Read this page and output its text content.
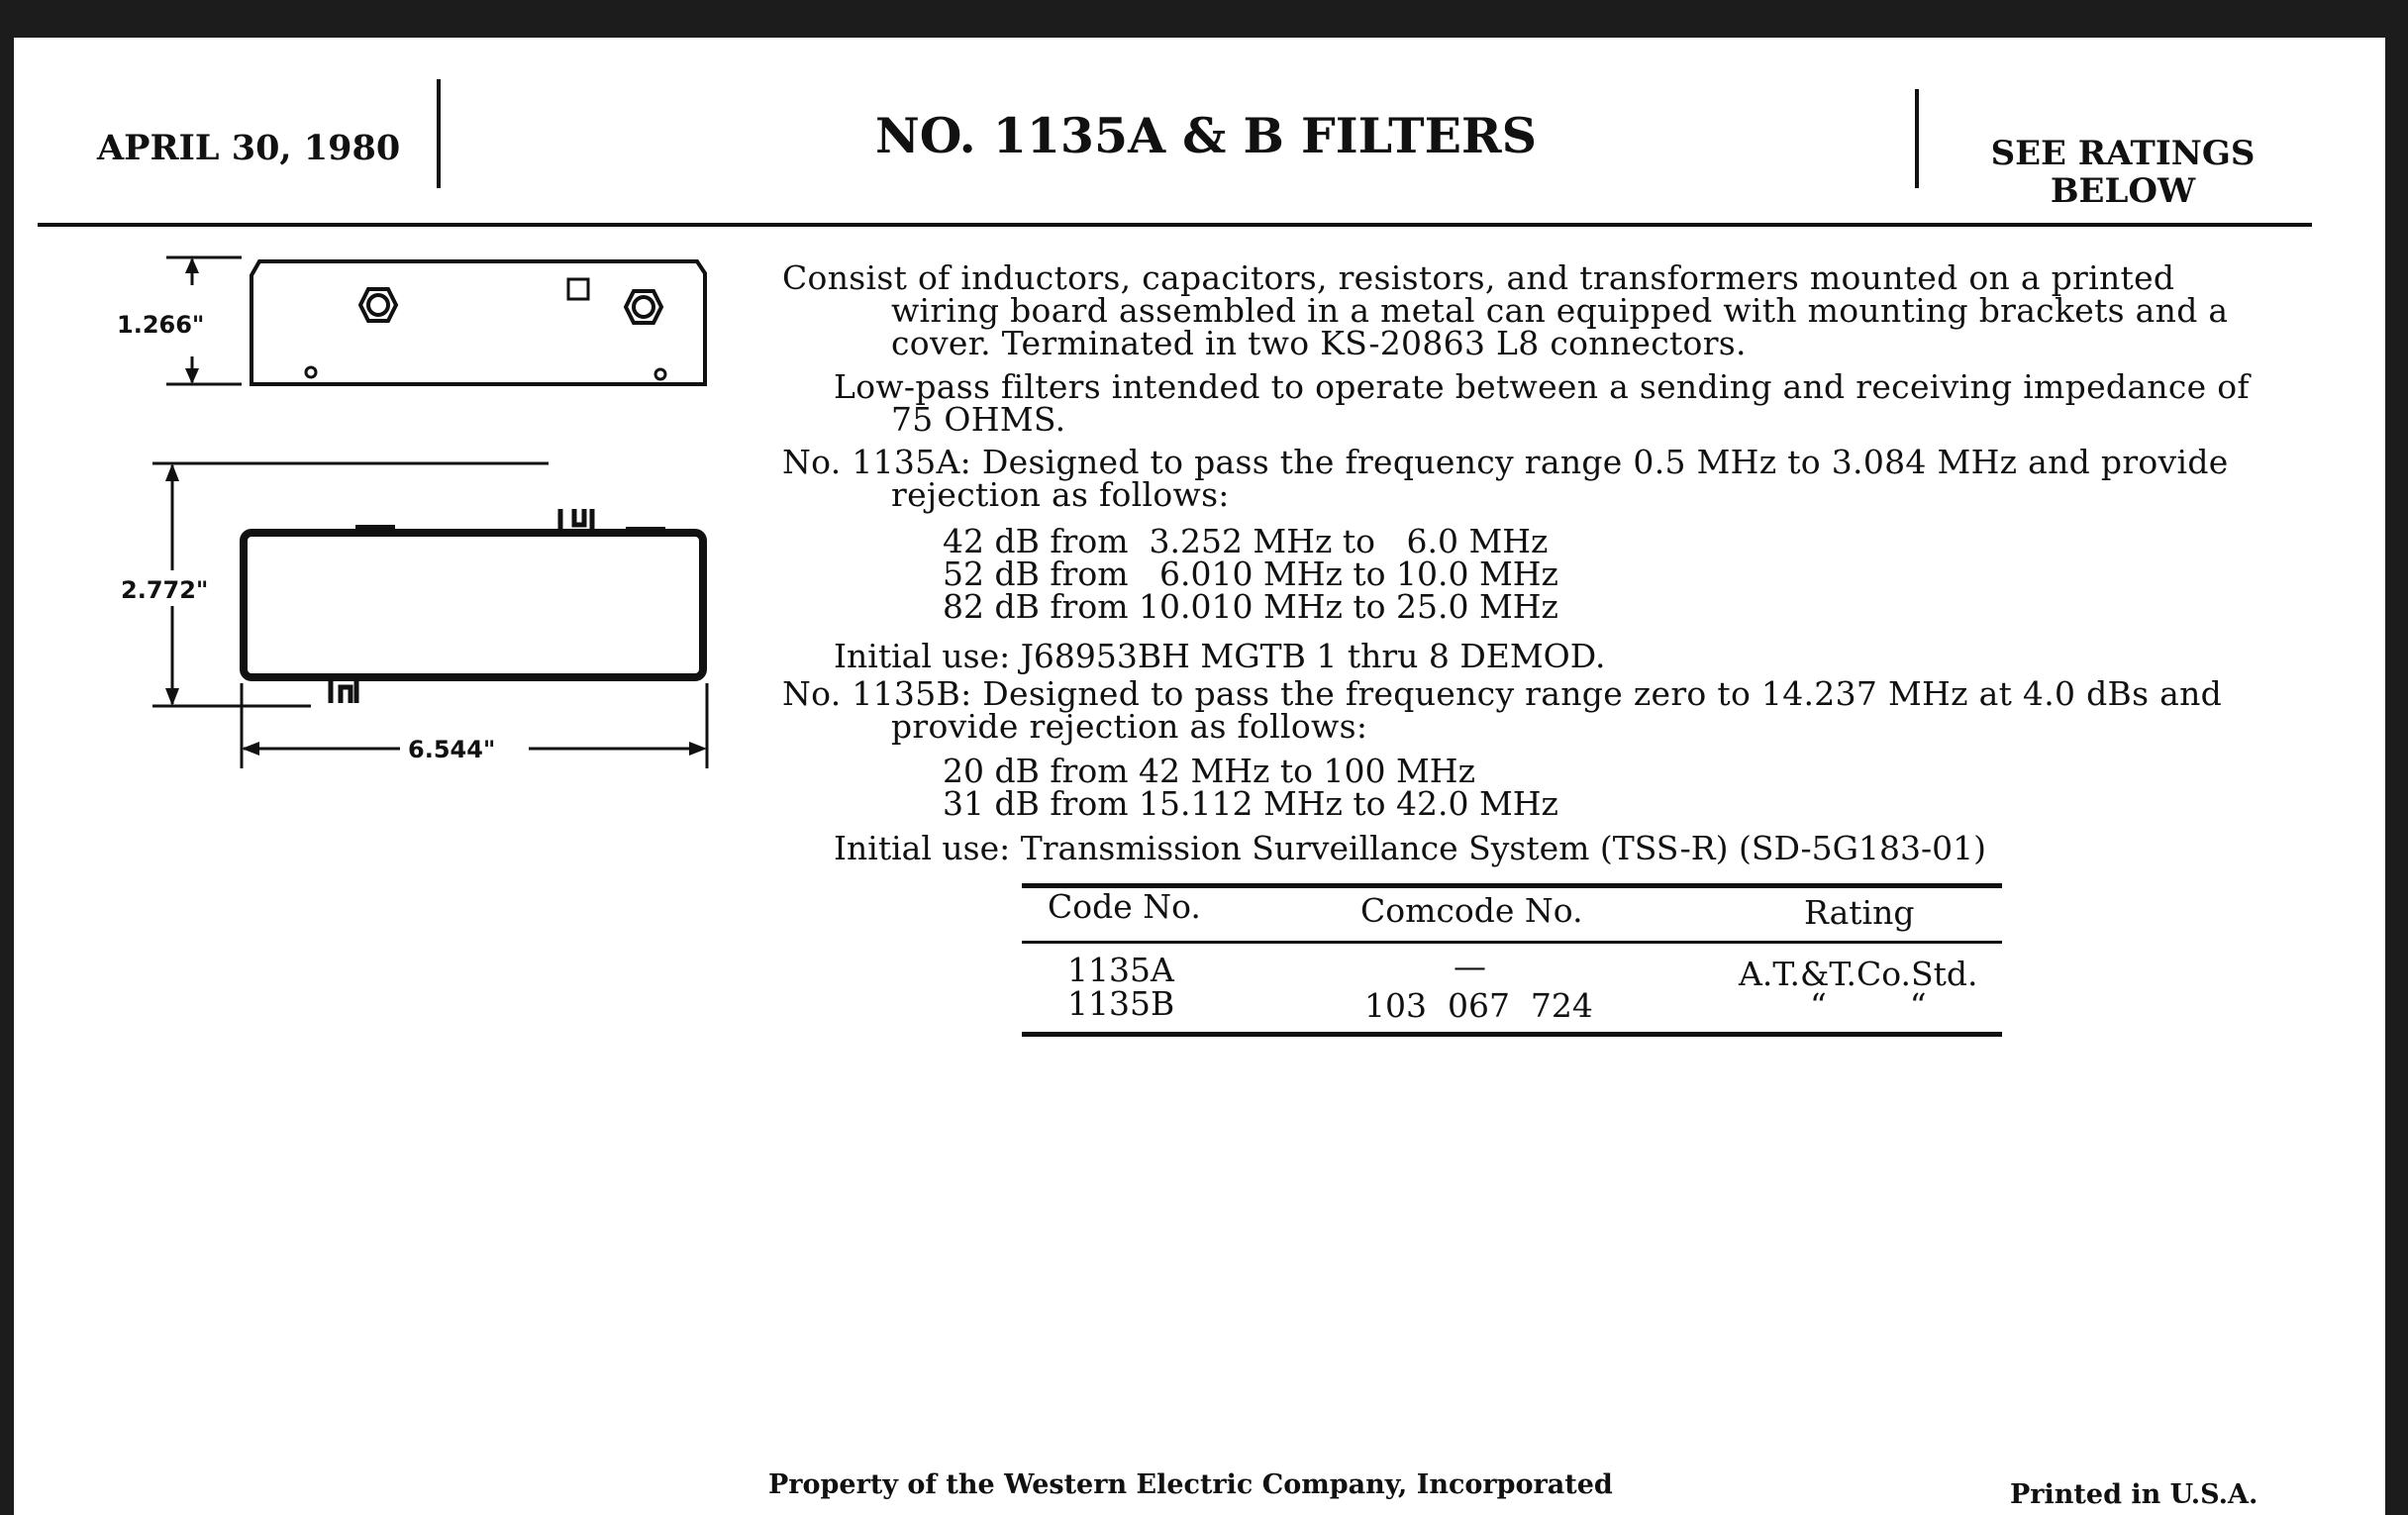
APRIL 30, 1980	NO. 1135A & B FILTERS	SEE RATINGS
BELOW
1.266"
2.772"
6.544"
Consist of inductors, capacitors, resistors, and transformers mounted on a printed
wiring board assembled in a metal can equipped with mounting brackets and a
cover. Terminated in two KS-20863 L8 connectors.
Low-pass filters intended to operate between a sending and receiving impedance of
75 OHMS.
No. 1135A: Designed to pass the frequency range 0.5 MHz to 3.084 MHz and provide
rejection as follows:
42 dB from  3.252 MHz to   6.0 MHz
52 dB from   6.010 MHz to 10.0 MHz
82 dB from 10.010 MHz to 25.0 MHz
Initial use: J68953BH MGTB 1 thru 8 DEMOD.
No. 1135B: Designed to pass the frequency range zero to 14.237 MHz at 4.0 dBs and
provide rejection as follows:
20 dB from 42 MHz to 100 MHz
31 dB from 15.112 MHz to 42.0 MHz
Initial use: Transmission Surveillance System (TSS-R) (SD-5G183-01)
Code No.	Comcode No.	Rating
1135A	—	A.T.&T.Co.Std.
1135B	103  067  724	“        “
Property of the Western Electric Company, Incorporated	Printed in U.S.A.
